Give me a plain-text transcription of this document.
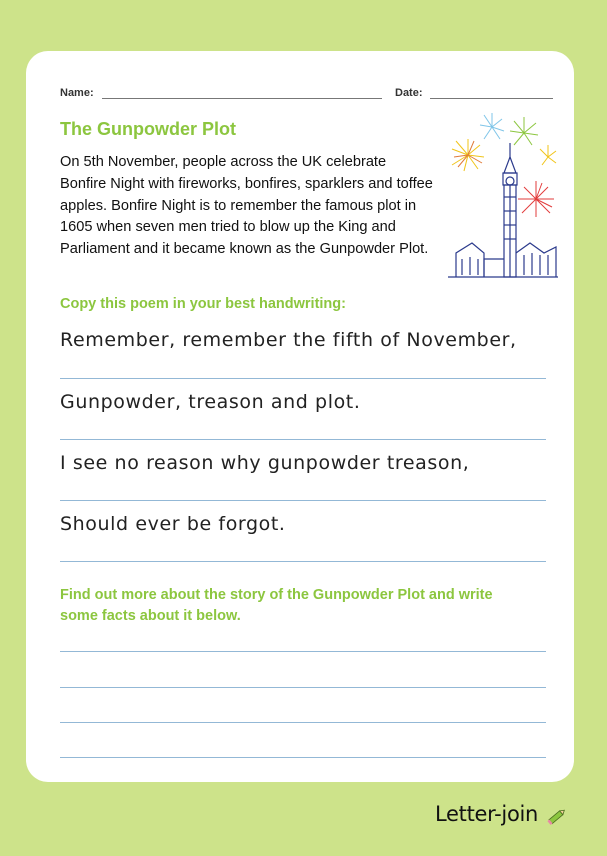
Name:	Date:
The Gunpowder Plot
On 5th November, people across the UK celebrate Bonfire Night with fireworks, bonfires, sparklers and toffee apples. Bonfire Night is to remember the famous plot in 1605 when seven men tried to blow up the King and Parliament and it became known as the Gunpowder Plot.
Copy this poem in your best handwriting:
Remember, remember the fifth of November,
Gunpowder, treason and plot.
I see no reason why gunpowder treason,
Should ever be forgot.
Find out more about the story of the Gunpowder Plot and write some facts about it below.
Letter-join
